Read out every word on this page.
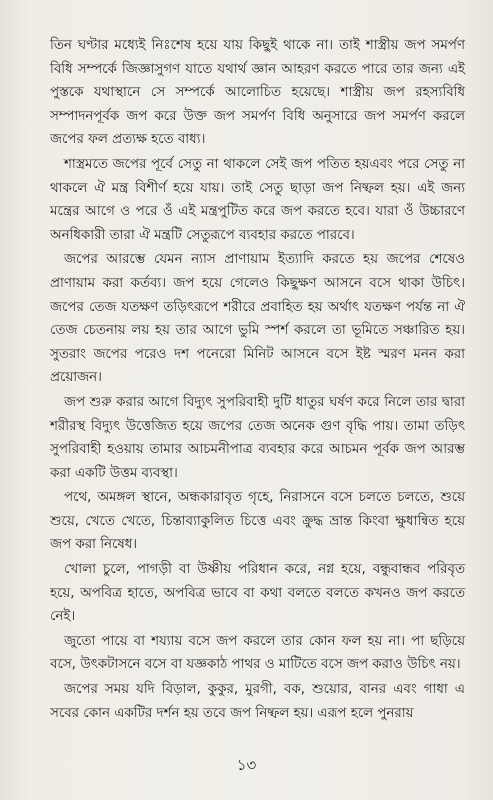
তিন ঘণ্টার মধ্যেই নিঃশেষ হয়ে যায় কিছুই থাকে না। তাই শাস্ত্রীয় জপ সমর্পণ বিধি সম্পর্কে জিজ্ঞাসুগণ যাতে যথার্থ জ্ঞান আহরণ করতে পারে তার জন্য এই পুস্তকে যথাস্থানে সে সম্পর্কে আলোচিত হয়েছে। শাস্ত্রীয় জপ রহস্যবিধি সম্পাদনপূর্বক জপ করে উক্ত জপ সমর্পণ বিধি অনুসারে জপ সমর্পণ করলে জপের ফল প্রত্যক্ষ হতে বাধ্য।

শাস্ত্রমতে জপের পূর্বে সেতু না থাকলে সেই জপ পতিত হয়এবং পরে সেতু না থাকলে ঐ মন্ত্র বিশীর্ণ হয়ে যায়। তাই সেতু ছাড়া জপ নিষ্ফল হয়। এই জন্য মন্ত্রের আগে ও পরে ওঁ এই মন্ত্রপুটিত করে জপ করতে হবে। যারা ওঁ উচ্চারণে অনধিকারী তারা ঐ মন্ত্রটি সেতুরূপে ব্যবহার করতে পারবে।

জপের আরম্ভে যেমন ন্যাস প্রাণায়াম ইত্যাদি করতে হয় জপের শেষেও প্রাণায়াম করা কর্তব্য। জপ হয়ে গেলেও কিছুক্ষণ আসনে বসে থাকা উচিৎ। জপের তেজ যতক্ষণ তড়িৎরূপে শরীরে প্রবাহিত হয় অর্থাৎ যতক্ষণ পর্যন্ত না ঐ তেজ চেতনায় লয় হয় তার আগে ভুমি স্পর্শ করলে তা ভূমিতে সঞ্চারিত হয়। সুতরাং জপের পরেও দশ পনেরো মিনিট আসনে বসে ইষ্ট স্মরণ মনন করা প্রয়োজন।

জপ শুরু করার আগে বিদ্যুৎ সুপরিবাহী দুটি ধাতুর ঘর্ষণ করে নিলে তার দ্বারা শরীরস্থ বিদ্যুৎ উত্তেজিত হয়ে জপের তেজ অনেক গুণ বৃদ্ধি পায়। তামা তড়িৎ সুপরিবাহী হওয়ায় তামার আচমনীপাত্র ব্যবহার করে আচমন পূর্বক জপ আরম্ভ করা একটি উত্তম ব্যবস্থা।

পথে, অমঙ্গল স্থানে, অন্ধকারাবৃত গৃহে, নিরাসনে বসে চলতে চলতে, শুয়ে শুয়ে, খেতে খেতে, চিন্তাব্যাকুলিত চিত্তে এবং ক্রুদ্ধ ভ্রান্ত কিংবা ক্ষুধান্বিত হয়ে জপ করা নিষেধ।

খোলা চুলে, পাগড়ী বা উষ্ণীয় পরিধান করে, নগ্ন হয়ে, বন্ধুবান্ধব পরিবৃত হয়ে, অপবিত্র হাতে, অপবিত্র ভাবে বা কথা বলতে বলতে কখনও জপ করতে নেই।

জুতো পায়ে বা শয্যায় বসে জপ করলে তার কোন ফল হয় না। পা ছড়িয়ে বসে, উৎকটাসনে বসে বা যজ্ঞকাঠ পাথর ও মাটিতে বসে জপ করাও উচিৎ নয়।

জপের সময় যদি বিড়াল, কুকুর, মুরগী, বক, শুয়োর, বানর এবং গাধা এ সবের কোন একটির দর্শন হয় তবে জপ নিষ্ফল হয়। এরূপ হলে পুনরায়

১৩
